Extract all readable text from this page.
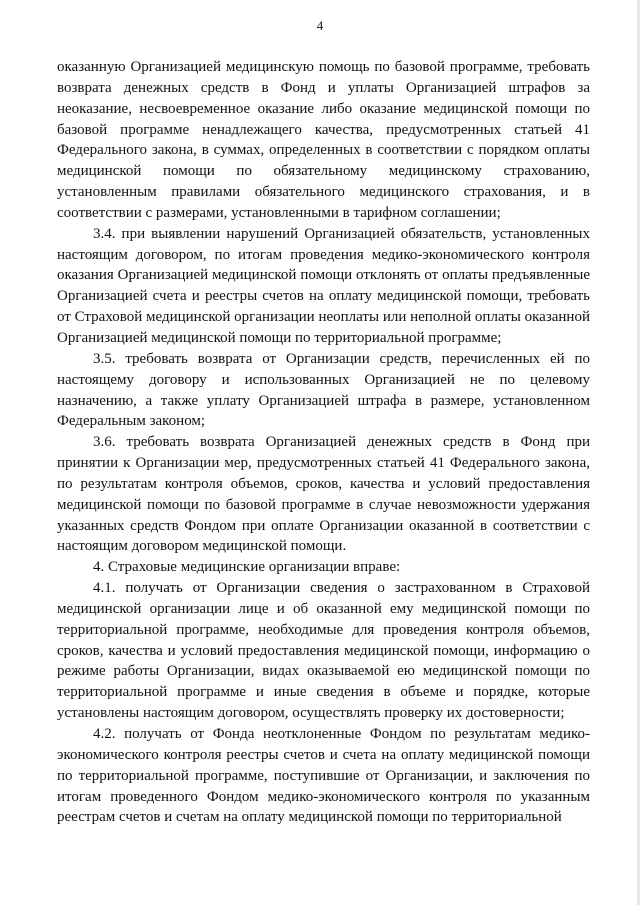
4

оказанную Организацией медицинскую помощь по базовой программе, требовать возврата денежных средств в Фонд и уплаты Организацией штрафов за неоказание, несвоевременное оказание либо оказание медицинской помощи по базовой программе ненадлежащего качества, предусмотренных статьей 41 Федерального закона, в суммах, определенных в соответствии с порядком оплаты медицинской помощи по обязательному медицинскому страхованию, установленным правилами обязательного медицинского страхования, и в соответствии с размерами, установленными в тарифном соглашении;

3.4. при выявлении нарушений Организацией обязательств, установленных настоящим договором, по итогам проведения медико-экономического контроля оказания Организацией медицинской помощи отклонять от оплаты предъявленные Организацией счета и реестры счетов на оплату медицинской помощи, требовать от Страховой медицинской организации неоплаты или неполной оплаты оказанной Организацией медицинской помощи по территориальной программе;

3.5. требовать возврата от Организации средств, перечисленных ей по настоящему договору и использованных Организацией не по целевому назначению, а также уплату Организацией штрафа в размере, установленном Федеральным законом;

3.6. требовать возврата Организацией денежных средств в Фонд при принятии к Организации мер, предусмотренных статьей 41 Федерального закона, по результатам контроля объемов, сроков, качества и условий предоставления медицинской помощи по базовой программе в случае невозможности удержания указанных средств Фондом при оплате Организации оказанной в соответствии с настоящим договором медицинской помощи.

4. Страховые медицинские организации вправе:

4.1. получать от Организации сведения о застрахованном в Страховой медицинской организации лице и об оказанной ему медицинской помощи по территориальной программе, необходимые для проведения контроля объемов, сроков, качества и условий предоставления медицинской помощи, информацию о режиме работы Организации, видах оказываемой ею медицинской помощи по территориальной программе и иные сведения в объеме и порядке, которые установлены настоящим договором, осуществлять проверку их достоверности;

4.2. получать от Фонда неотклоненные Фондом по результатам медико-экономического контроля реестры счетов и счета на оплату медицинской помощи по территориальной программе, поступившие от Организации, и заключения по итогам проведенного Фондом медико-экономического контроля по указанным реестрам счетов и счетам на оплату медицинской помощи по территориальной
